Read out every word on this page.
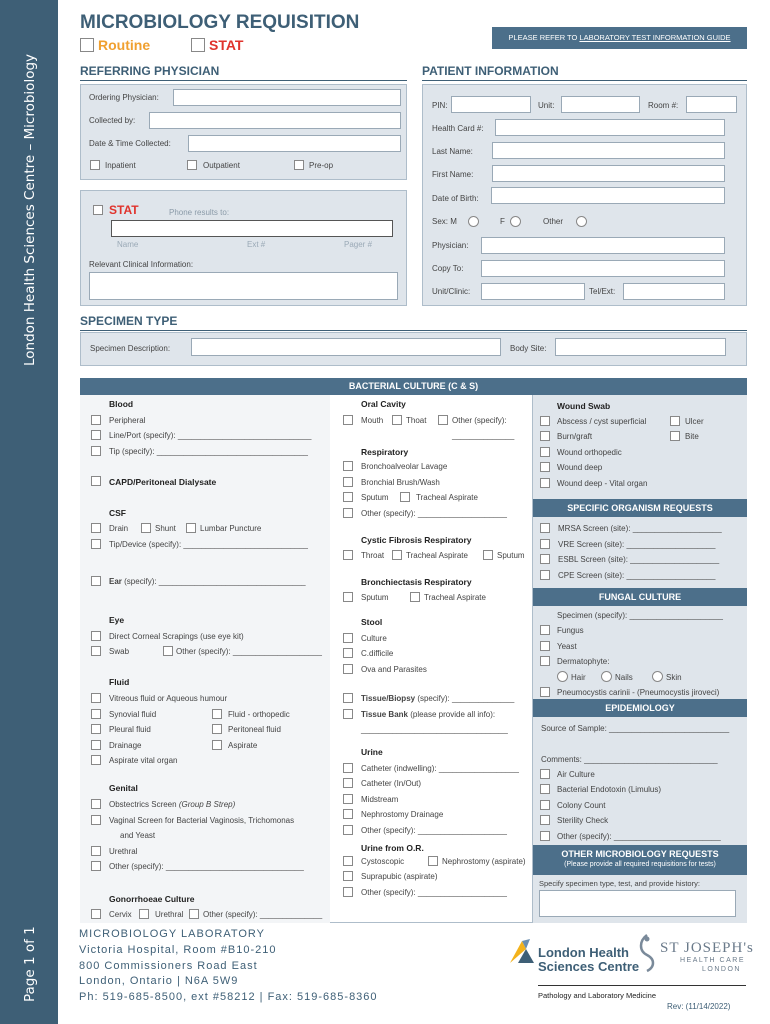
London Health Sciences Centre – Microbiology
Page 1 of 1
MICROBIOLOGY REQUISITION
Routine	STAT	PLEASE REFER TO LABORATORY TEST INFORMATION GUIDE
REFERRING PHYSICIAN
Ordering Physician:
Collected by:
Date & Time Collected:
Inpatient	Outpatient	Pre-op
STAT	Phone results to:
Name	Ext #	Pager #
Relevant Clinical Information:
PATIENT INFORMATION
PIN:	Unit:	Room #:
Health Card #:
Last Name:
First Name:
Date of Birth:
Sex: M	F	Other
Physician:
Copy To:
Unit/Clinic:	Tel/Ext:
SPECIMEN TYPE
Specimen Description:	Body Site:
BACTERIAL CULTURE (C & S)
Blood
Peripheral
Line/Port (specify): ______________________________
Tip (specify): __________________________________
CAPD/Peritoneal Dialysate
CSF
Drain	Shunt	Lumbar Puncture
Tip/Device (specify): ____________________________
Ear (specify): _________________________________
Eye
Direct Corneal Scrapings (use eye kit)
Swab	Other (specify): ____________________
Fluid
Vitreous fluid or Aqueous humour
Synovial fluid	Fluid - orthopedic
Pleural fluid	Peritoneal fluid
Drainage	Aspirate
Aspirate vital organ
Genital
Obstectrics Screen (Group B Strep)
Vaginal Screen for Bacterial Vaginosis, Trichomonas
and Yeast
Urethral
Other (specify): _______________________________
Gonorrhoeae Culture
Cervix	Urethral Other (specify): ______________
Oral Cavity
Mouth	Thoat	Other (specify):
______________
Respiratory
Bronchoalveolar Lavage
Bronchial Brush/Wash
Sputum	Tracheal Aspirate
Other (specify): ____________________
Cystic Fibrosis Respiratory
Throat	Tracheal Aspirate	Sputum
Bronchiectasis Respiratory
Sputum	Tracheal Aspirate
Stool
Culture
C.difficile
Ova and Parasites
Tissue/Biopsy (specify): ______________
Tissue Bank (please provide all info):
_________________________________
Urine
Catheter (indwelling): __________________
Catheter (In/Out)
Midstream
Nephrostomy Drainage
Other (specify): ____________________
Urine from O.R.
Cystoscopic	Nephrostomy (aspirate)
Suprapubic (aspirate)
Other (specify): ____________________
Wound Swab
Abscess / cyst superficial	Ulcer
Burn/graft	Bite
Wound orthopedic
Wound deep
Wound deep - Vital organ
SPECIFIC ORGANISM REQUESTS
MRSA Screen (site): ____________________
VRE Screen (site): ____________________
ESBL Screen (site): ____________________
CPE Screen (site): ____________________
FUNGAL CULTURE
Specimen (specify): _____________________
Fungus
Yeast
Dermatophyte:
Hair	Nails	Skin
Pneumocystis carinii - (Pneumocystis jiroveci)
EPIDEMIOLOGY
Source of Sample: ___________________________
Comments: ______________________________
Air Culture
Bacterial Endotoxin (Limulus)
Colony Count
Sterility Check
Other (specify): ________________________
OTHER MICROBIOLOGY REQUESTS
(Please provide all required requisitions for tests)
Specify specimen type, test, and provide history:
MICROBIOLOGY LABORATORY
Victoria Hospital, Room #B10-210
800 Commissioners Road East
London, Ontario | N6A 5W9
Ph: 519-685-8500, ext #58212 | Fax: 519-685-8360
London Health
Sciences Centre
ST JOSEPH's
HEALTH CARE
LONDON
Pathology and Laboratory Medicine
Rev: (11/14/2022)
